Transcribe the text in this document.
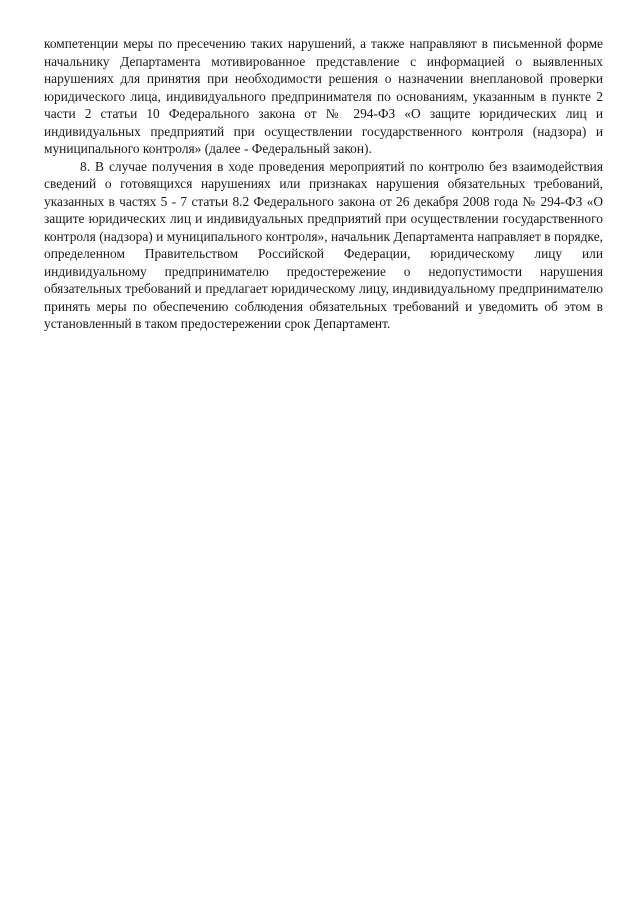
компетенции меры по пресечению таких нарушений, а также направляют в письменной форме начальнику Департамента мотивированное представление с информацией о выявленных нарушениях для принятия при необходимости решения о назначении внеплановой проверки юридического лица, индивидуального предпринимателя по основаниям, указанным в пункте 2 части 2 статьи 10 Федерального закона от № 294-ФЗ «О защите юридических лиц и индивидуальных предприятий при осуществлении государственного контроля (надзора) и муниципального контроля» (далее - Федеральный закон).

8. В случае получения в ходе проведения мероприятий по контролю без взаимодействия сведений о готовящихся нарушениях или признаках нарушения обязательных требований, указанных в частях 5 - 7 статьи 8.2 Федерального закона от 26 декабря 2008 года № 294-ФЗ «О защите юридических лиц и индивидуальных предприятий при осуществлении государственного контроля (надзора) и муниципального контроля», начальник Департамента направляет в порядке, определенном Правительством Российской Федерации, юридическому лицу или индивидуальному предпринимателю предостережение о недопустимости нарушения обязательных требований и предлагает юридическому лицу, индивидуальному предпринимателю принять меры по обеспечению соблюдения обязательных требований и уведомить об этом в установленный в таком предостережении срок Департамент.
